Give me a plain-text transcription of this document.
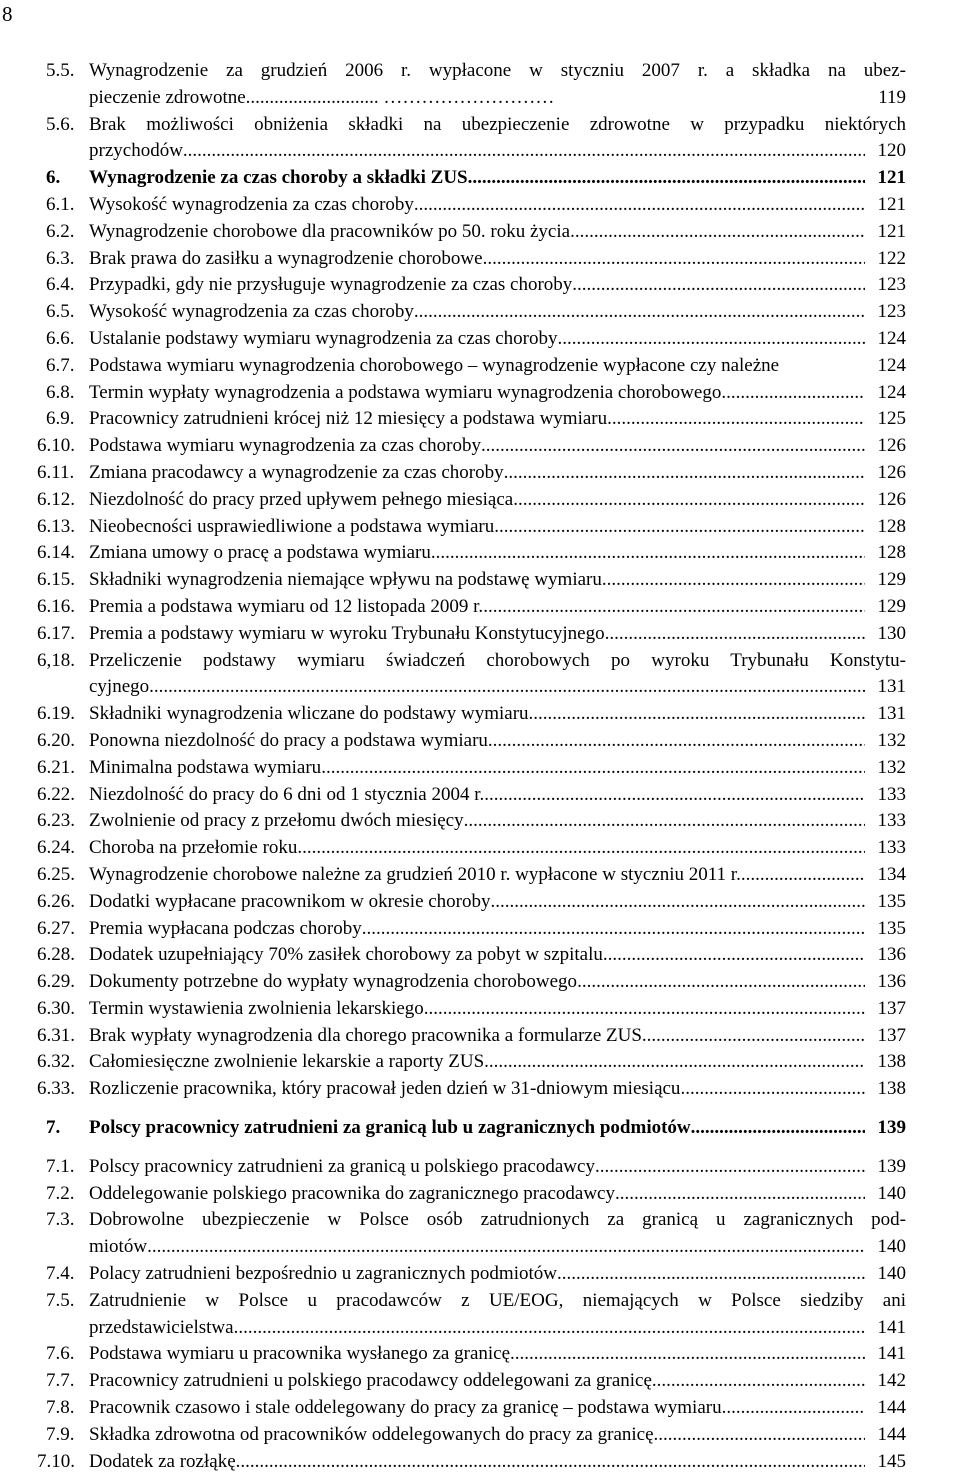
8
5.5. Wynagrodzenie za grudzień 2006 r. wypłacone w styczniu 2007 r. a składka na ubez-
pieczenie zdrowotne ............................ ………………………	119
5.6. Brak możliwości obniżenia składki na ubezpieczenie zdrowotne w przypadku niektórych
przychodów .....	120
6. Wynagrodzenie za czas choroby a składki ZUS .....	121
6.1. Wysokość wynagrodzenia za czas choroby .....	121
6.2. Wynagrodzenie chorobowe dla pracowników po 50. roku życia .....	121
6.3. Brak prawa do zasiłku a wynagrodzenie chorobowe .....	122
6.4. Przypadki, gdy nie przysługuje wynagrodzenie za czas choroby .....	123
6.5. Wysokość wynagrodzenia za czas choroby .....	123
6.6. Ustalanie podstawy wymiaru wynagrodzenia za czas choroby .....	124
6.7. Podstawa wymiaru wynagrodzenia chorobowego – wynagrodzenie wypłacone czy należne	124
6.8. Termin wypłaty wynagrodzenia a podstawa wymiaru wynagrodzenia chorobowego .....	124
6.9. Pracownicy zatrudnieni krócej niż 12 miesięcy a podstawa wymiaru .....	125
6.10. Podstawa wymiaru wynagrodzenia za czas choroby .....	126
6.11. Zmiana pracodawcy a wynagrodzenie za czas choroby .....	126
6.12. Niezdolność do pracy przed upływem pełnego miesiąca .....	126
6.13. Nieobecności usprawiedliwione a podstawa wymiaru .....	128
6.14. Zmiana umowy o pracę a podstawa wymiaru .....	128
6.15. Składniki wynagrodzenia niemające wpływu na podstawę wymiaru .....	129
6.16. Premia a podstawa wymiaru od 12 listopada 2009 r. .....	129
6.17. Premia a podstawy wymiaru w wyroku Trybunału Konstytucyjnego .....	130
6,18. Przeliczenie podstawy wymiaru świadczeń chorobowych po wyroku Trybunału Konstytu-
cyjnego .....	131
6.19. Składniki wynagrodzenia wliczane do podstawy wymiaru .....	131
6.20. Ponowna niezdolność do pracy a podstawa wymiaru .....	132
6.21. Minimalna podstawa wymiaru .....	132
6.22. Niezdolność do pracy do 6 dni od 1 stycznia 2004 r. .....	133
6.23. Zwolnienie od pracy z przełomu dwóch miesięcy .....	133
6.24. Choroba na przełomie roku .....	133
6.25. Wynagrodzenie chorobowe należne za grudzień 2010 r. wypłacone w styczniu 2011 r. .....	134
6.26. Dodatki wypłacane pracownikom w okresie choroby .....	135
6.27. Premia wypłacana podczas choroby .....	135
6.28. Dodatek uzupełniający 70% zasiłek chorobowy za pobyt w szpitalu .....	136
6.29. Dokumenty potrzebne do wypłaty wynagrodzenia chorobowego .....	136
6.30. Termin wystawienia zwolnienia lekarskiego .....	137
6.31. Brak wypłaty wynagrodzenia dla chorego pracownika a formularze ZUS .....	137
6.32. Całomiesięczne zwolnienie lekarskie a raporty ZUS .....	138
6.33. Rozliczenie pracownika, który pracował jeden dzień w 31-dniowym miesiącu .....	138
7. Polscy pracownicy zatrudnieni za granicą lub u zagranicznych podmiotów .....	139
7.1. Polscy pracownicy zatrudnieni za granicą u polskiego pracodawcy .....	139
7.2. Oddelegowanie polskiego pracownika do zagranicznego pracodawcy .....	140
7.3. Dobrowolne ubezpieczenie w Polsce osób zatrudnionych za granicą u zagranicznych pod-
miotów .....	140
7.4. Polacy zatrudnieni bezpośrednio u zagranicznych podmiotów .....	140
7.5. Zatrudnienie w Polsce u pracodawców z UE/EOG, niemających w Polsce siedziby ani
przedstawicielstwa .....	141
7.6. Podstawa wymiaru u pracownika wysłanego za granicę .....	141
7.7. Pracownicy zatrudnieni u polskiego pracodawcy oddelegowani za granicę .....	142
7.8. Pracownik czasowo i stale oddelegowany do pracy za granicę – podstawa wymiaru .....	144
7.9. Składka zdrowotna od pracowników oddelegowanych do pracy za granicę .....	144
7.10. Dodatek za rozłąkę .....	145
